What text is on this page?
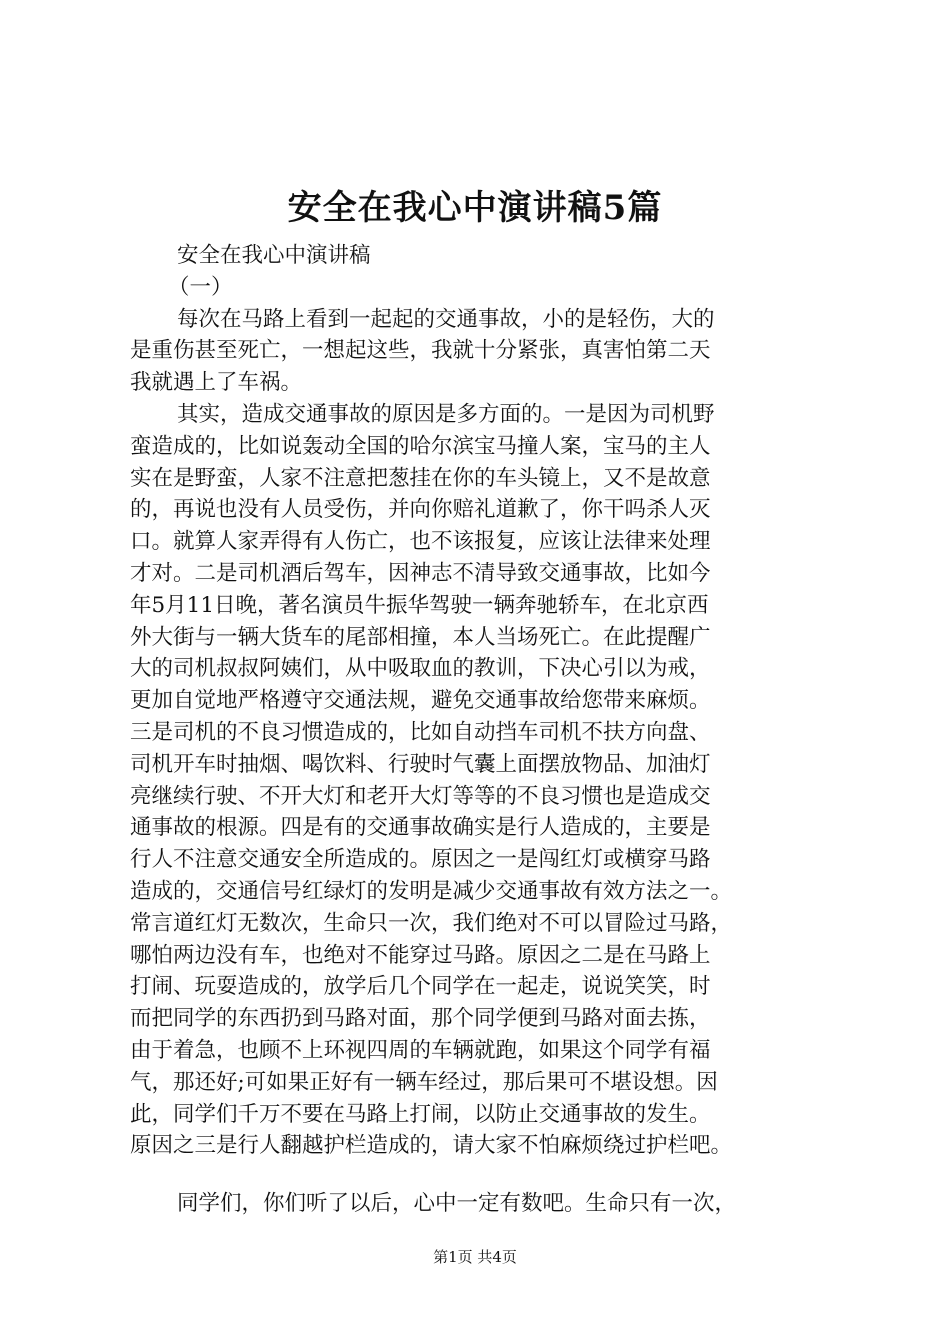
安全在我心中演讲稿5篇
安全在我心中演讲稿
（一）
每次在马路上看到一起起的交通事故，小的是轻伤，大的
是重伤甚至死亡，一想起这些，我就十分紧张，真害怕第二天
我就遇上了车祸。
其实，造成交通事故的原因是多方面的。一是因为司机野
蛮造成的，比如说轰动全国的哈尔滨宝马撞人案，宝马的主人
实在是野蛮，人家不注意把葱挂在你的车头镜上，又不是故意
的，再说也没有人员受伤，并向你赔礼道歉了，你干吗杀人灭
口。就算人家弄得有人伤亡，也不该报复，应该让法律来处理
才对。二是司机酒后驾车，因神志不清导致交通事故，比如今
年5月11日晚，著名演员牛振华驾驶一辆奔驰轿车，在北京西
外大街与一辆大货车的尾部相撞，本人当场死亡。在此提醒广
大的司机叔叔阿姨们，从中吸取血的教训，下决心引以为戒，
更加自觉地严格遵守交通法规，避免交通事故给您带来麻烦。
三是司机的不良习惯造成的，比如自动挡车司机不扶方向盘、
司机开车时抽烟、喝饮料、行驶时气囊上面摆放物品、加油灯
亮继续行驶、不开大灯和老开大灯等等的不良习惯也是造成交
通事故的根源。四是有的交通事故确实是行人造成的，主要是
行人不注意交通安全所造成的。原因之一是闯红灯或横穿马路
造成的，交通信号红绿灯的发明是减少交通事故有效方法之一。
常言道红灯无数次，生命只一次，我们绝对不可以冒险过马路，
哪怕两边没有车，也绝对不能穿过马路。原因之二是在马路上
打闹、玩耍造成的，放学后几个同学在一起走，说说笑笑，时
而把同学的东西扔到马路对面，那个同学便到马路对面去拣，
由于着急，也顾不上环视四周的车辆就跑，如果这个同学有福
气，那还好;可如果正好有一辆车经过，那后果可不堪设想。因
此，同学们千万不要在马路上打闹，以防止交通事故的发生。
原因之三是行人翻越护栏造成的，请大家不怕麻烦绕过护栏吧。
同学们，你们听了以后，心中一定有数吧。生命只有一次，
第1页 共4页
